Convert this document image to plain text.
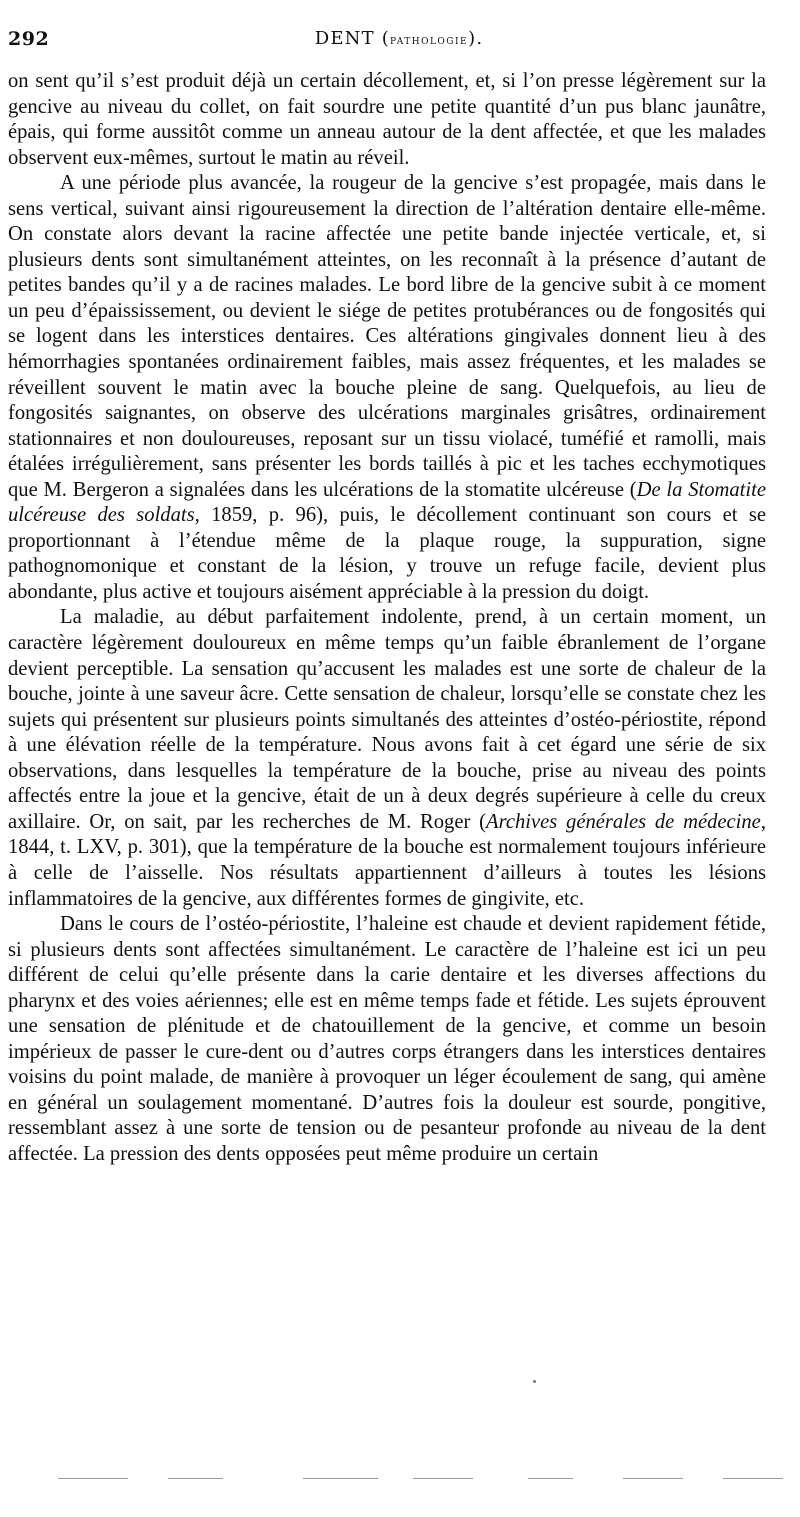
292	DENT (pathologie).

on sent qu’il s’est produit déjà un certain décollement, et, si l’on presse légèrement sur la gencive au niveau du collet, on fait sourdre une petite quantité d’un pus blanc jaunâtre, épais, qui forme aussitôt comme un anneau autour de la dent affectée, et que les malades observent eux-mêmes, surtout le matin au réveil.

A une période plus avancée, la rougeur de la gencive s’est propagée, mais dans le sens vertical, suivant ainsi rigoureusement la direction de l’altération dentaire elle-même. On constate alors devant la racine affectée une petite bande injectée verticale, et, si plusieurs dents sont simultanément atteintes, on les reconnaît à la présence d’autant de petites bandes qu’il y a de racines malades. Le bord libre de la gencive subit à ce moment un peu d’épaississement, ou devient le siége de petites protubérances ou de fongosités qui se logent dans les interstices dentaires. Ces altérations gingivales donnent lieu à des hémorrhagies spontanées ordinairement faibles, mais assez fréquentes, et les malades se réveillent souvent le matin avec la bouche pleine de sang. Quelquefois, au lieu de fongosités saignantes, on observe des ulcérations marginales grisâtres, ordinairement stationnaires et non douloureuses, reposant sur un tissu violacé, tuméfié et ramolli, mais étalées irrégulièrement, sans présenter les bords taillés à pic et les taches ecchymotiques que M. Bergeron a signalées dans les ulcérations de la stomatite ulcéreuse (De la Stomatite ulcéreuse des soldats, 1859, p. 96), puis, le décollement continuant son cours et se proportionnant à l’étendue même de la plaque rouge, la suppuration, signe pathognomonique et constant de la lésion, y trouve un refuge facile, devient plus abondante, plus active et toujours aisément appréciable à la pression du doigt.

La maladie, au début parfaitement indolente, prend, à un certain moment, un caractère légèrement douloureux en même temps qu’un faible ébranlement de l’organe devient perceptible. La sensation qu’accusent les malades est une sorte de chaleur de la bouche, jointe à une saveur âcre. Cette sensation de chaleur, lorsqu’elle se constate chez les sujets qui présentent sur plusieurs points simultanés des atteintes d’ostéo-périostite, répond à une élévation réelle de la température. Nous avons fait à cet égard une série de six observations, dans lesquelles la température de la bouche, prise au niveau des points affectés entre la joue et la gencive, était de un à deux degrés supérieure à celle du creux axillaire. Or, on sait, par les recherches de M. Roger (Archives générales de médecine, 1844, t. LXV, p. 301), que la température de la bouche est normalement toujours inférieure à celle de l’aisselle. Nos résultats appartiennent d’ailleurs à toutes les lésions inflammatoires de la gencive, aux différentes formes de gingivite, etc.

Dans le cours de l’ostéo-périostite, l’haleine est chaude et devient rapidement fétide, si plusieurs dents sont affectées simultanément. Le caractère de l’haleine est ici un peu différent de celui qu’elle présente dans la carie dentaire et les diverses affections du pharynx et des voies aériennes; elle est en même temps fade et fétide. Les sujets éprouvent une sensation de plénitude et de chatouillement de la gencive, et comme un besoin impérieux de passer le cure-dent ou d’autres corps étrangers dans les interstices dentaires voisins du point malade, de manière à provoquer un léger écoulement de sang, qui amène en général un soulagement momentané. D’autres fois la douleur est sourde, pongitive, ressemblant assez à une sorte de tension ou de pesanteur profonde au niveau de la dent affectée. La pression des dents opposées peut même produire un certain
